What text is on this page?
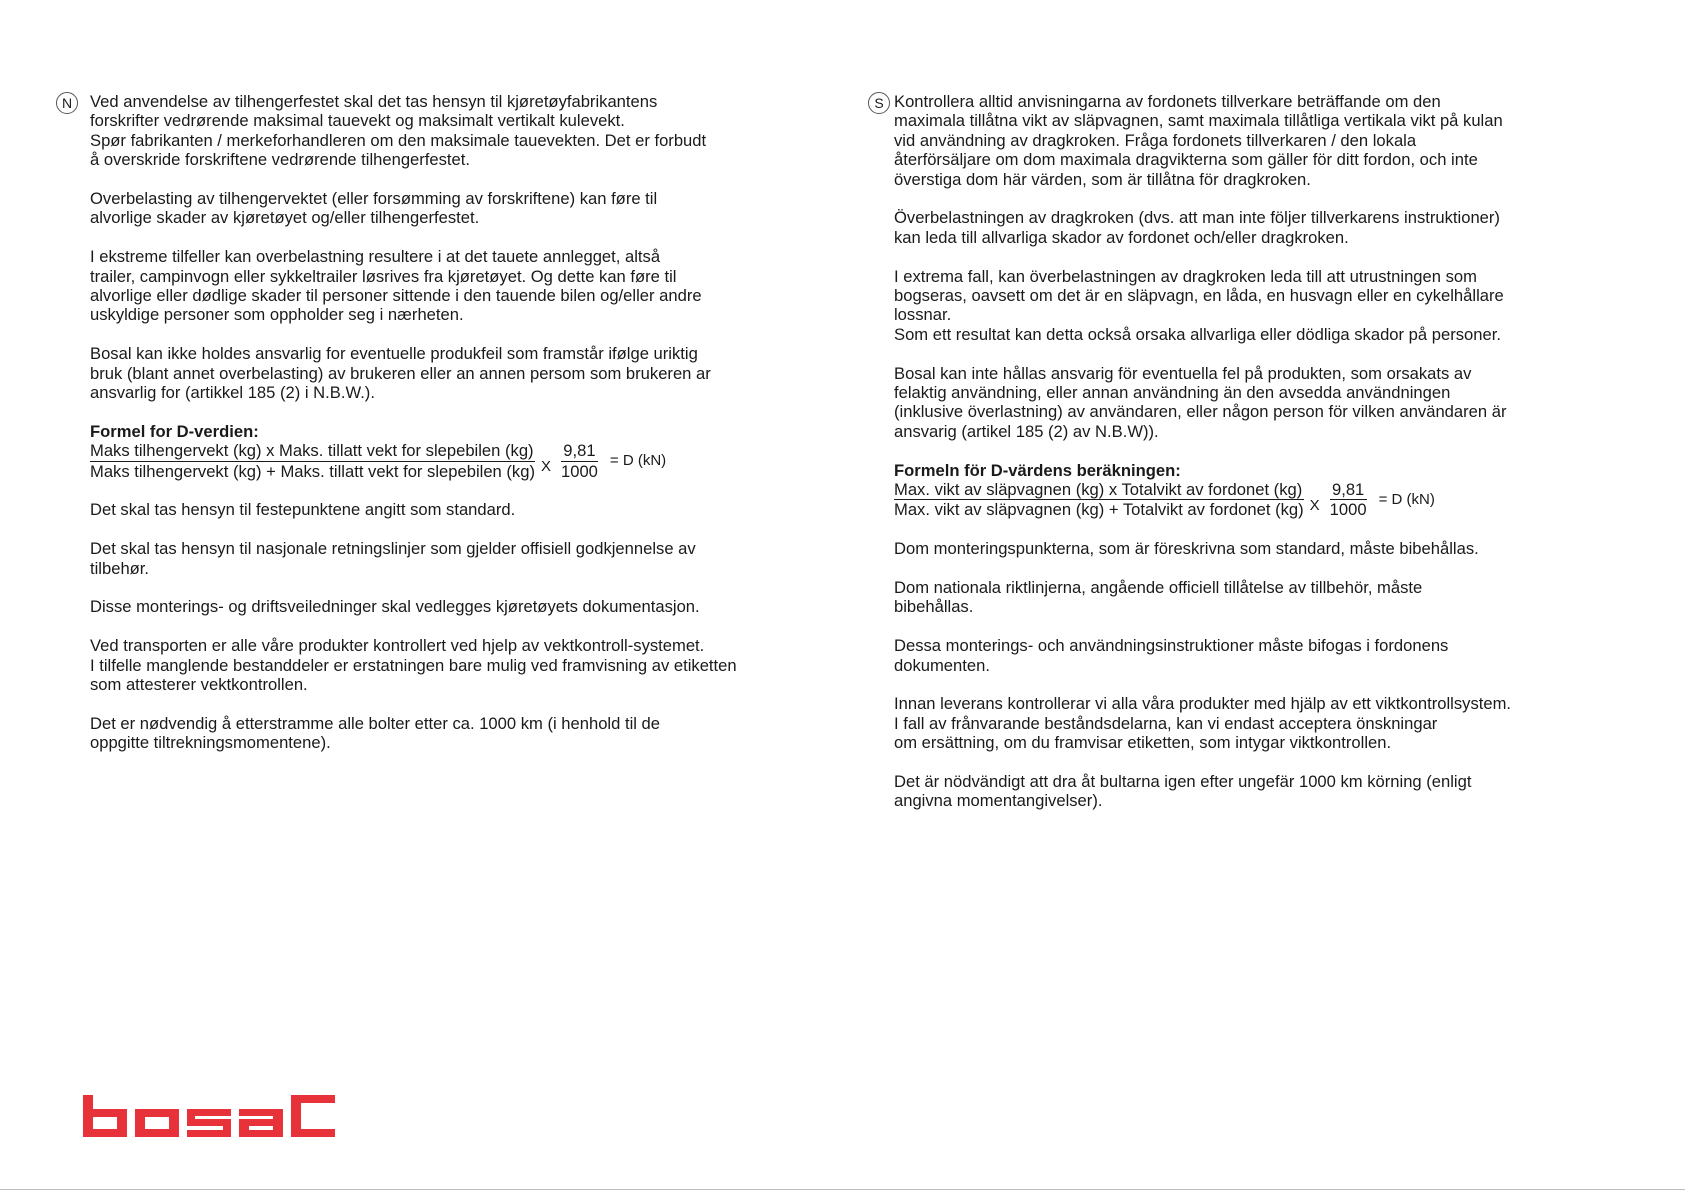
N	Ved anvendelse av tilhengerfestet skal det tas hensyn til kjøretøyfabrikantens
forskrifter vedrørende maksimal tauevekt og maksimalt vertikalt kulevekt.
Spør fabrikanten / merkeforhandleren om den maksimale tauevekten. Det er forbudt
å overskride forskriftene vedrørende tilhengerfestet.
Overbelasting av tilhengervektet (eller forsømming av forskriftene) kan føre til
alvorlige skader av kjøretøyet og/eller tilhengerfestet.
I ekstreme tilfeller kan overbelastning resultere i at det tauete annlegget, altså
trailer, campinvogn eller sykkeltrailer løsrives fra kjøretøyet. Og dette kan føre til
alvorlige eller dødlige skader til personer sittende i den tauende bilen og/eller andre
uskyldige personer som oppholder seg i nærheten.
Bosal kan ikke holdes ansvarlig for eventuelle produkfeil som framstår ifølge uriktig
bruk (blant annet overbelasting) av brukeren eller an annen persom som brukeren ar
ansvarlig for (artikkel 185 (2) i N.B.W.).
Formel for D-verdien:
Maks tilhengervekt (kg) x Maks. tillatt vekt for slepebilen (kg)
Maks tilhengervekt (kg) + Maks. tillatt vekt for slepebilen (kg) X $\frac{9,81}{1000} = D$ (kN)
Det skal tas hensyn til festepunktene angitt som standard.
Det skal tas hensyn til nasjonale retningslinjer som gjelder offisiell godkjennelse av
tilbehør.
Disse monterings- og driftsveiledninger skal vedlegges kjøretøyets dokumentasjon.
Ved transporten er alle våre produkter kontrollert ved hjelp av vektkontroll-systemet.
I tilfelle manglende bestanddeler er erstatningen bare mulig ved framvisning av etiketten
som attesterer vektkontrollen.
Det er nødvendig å etterstramme alle bolter etter ca. 1000 km (i henhold til de
oppgitte tiltrekningsmomentene).
S Kontrollera alltid anvisningarna av fordonets tillverkare beträffande om den
maximala tillåtna vikt av släpvagnen, samt maximala tillåtliga vertikala vikt på kulan
vid användning av dragkroken. Fråga fordonets tillverkaren / den lokala
återförsäljare om dom maximala dragvikterna som gäller för ditt fordon, och inte
överstiga dom här värden, som är tillåtna för dragkroken.
Överbelastningen av dragkroken (dvs. att man inte följer tillverkarens instruktioner)
kan leda till allvarliga skador av fordonet och/eller dragkroken.
I extrema fall, kan överbelastningen av dragkroken leda till att utrustningen som
bogseras, oavsett om det är en släpvagn, en låda, en husvagn eller en cykelhållare
lossnar.
Som ett resultat kan detta också orsaka allvarliga eller dödliga skador på personer.
Bosal kan inte hållas ansvarig för eventuella fel på produkten, som orsakats av
felaktig användning, eller annan användning än den avsedda användningen
(inklusive överlastning) av användaren, eller någon person för vilken användaren är
ansvarig (artikel 185 (2) av N.B.W)).
Formeln för D-värdens beräkningen:
$\frac{\text{Max. vikt av släpvagnen (kg) x Totalvikt av fordonet (kg)}}{\text{Max. vikt av släpvagnen (kg) + Totalvikt av fordonet (kg)}}$ X $\frac{9,81}{1000} = D$ (kN)
Dom monteringspunkterna, som är föreskrivna som standard, måste bibehållas.
Dom nationala riktlinjerna, angående officiell tillåtelse av tillbehör, måste
bibehållas.
Dessa monterings- och användningsinstruktioner måste bifogas i fordonens
dokumenten.
Innan leverans kontrollerar vi alla våra produkter med hjälp av ett viktkontrollsystem.
I fall av frånvarande beståndsdelarna, kan vi endast acceptera önskningar
om ersättning, om du framvisar etiketten, som intygar viktkontrollen.
Det är nödvändigt att dra åt bultarna igen efter ungefär 1000 km körning (enligt
angivna momentangivelser).
